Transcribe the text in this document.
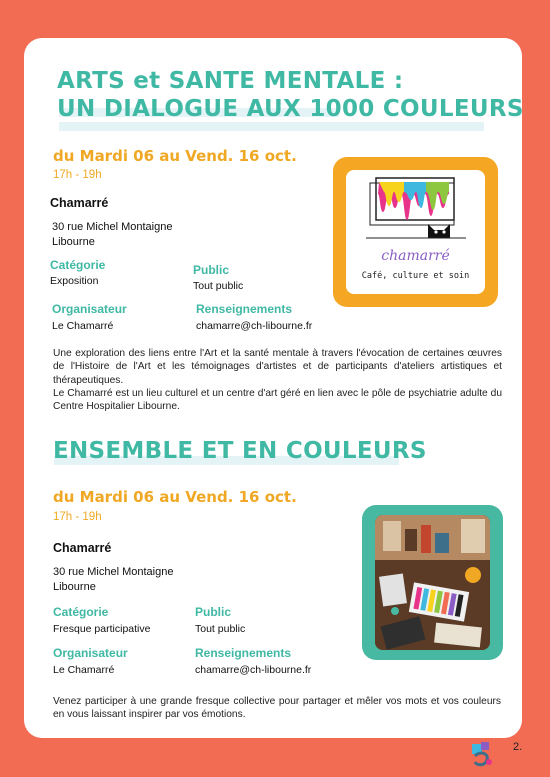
ARTS et SANTE MENTALE :
UN DIALOGUE AUX 1000 COULEURS
du Mardi 06 au Vend. 16 oct.
17h - 19h
Chamarré
30 rue Michel Montaigne
Libourne
Catégorie
Exposition
Public
Tout public
Organisateur
Le Chamarré
Renseignements
chamarre@ch-libourne.fr
chamarré
Café, culture et soin

Une exploration des liens entre l'Art et la santé mentale à travers l'évocation de certaines œuvres de l'Histoire de l'Art et les témoignages d'artistes et de participants d'ateliers artistiques et thérapeutiques.

Le Chamarré est un lieu culturel et un centre d'art géré en lien avec le pôle de psychiatrie adulte du Centre Hospitalier Libourne.

ENSEMBLE ET EN COULEURS
du Mardi 06 au Vend. 16 oct.
17h - 19h
Chamarré
30 rue Michel Montaigne
Libourne
Catégorie
Fresque participative
Public
Tout public
Organisateur
Le Chamarré
Renseignements
chamarre@ch-libourne.fr
Venez participer à une grande fresque collective pour partager et mêler vos mots et vos couleurs en vous laissant inspirer par vos émotions.
2.
